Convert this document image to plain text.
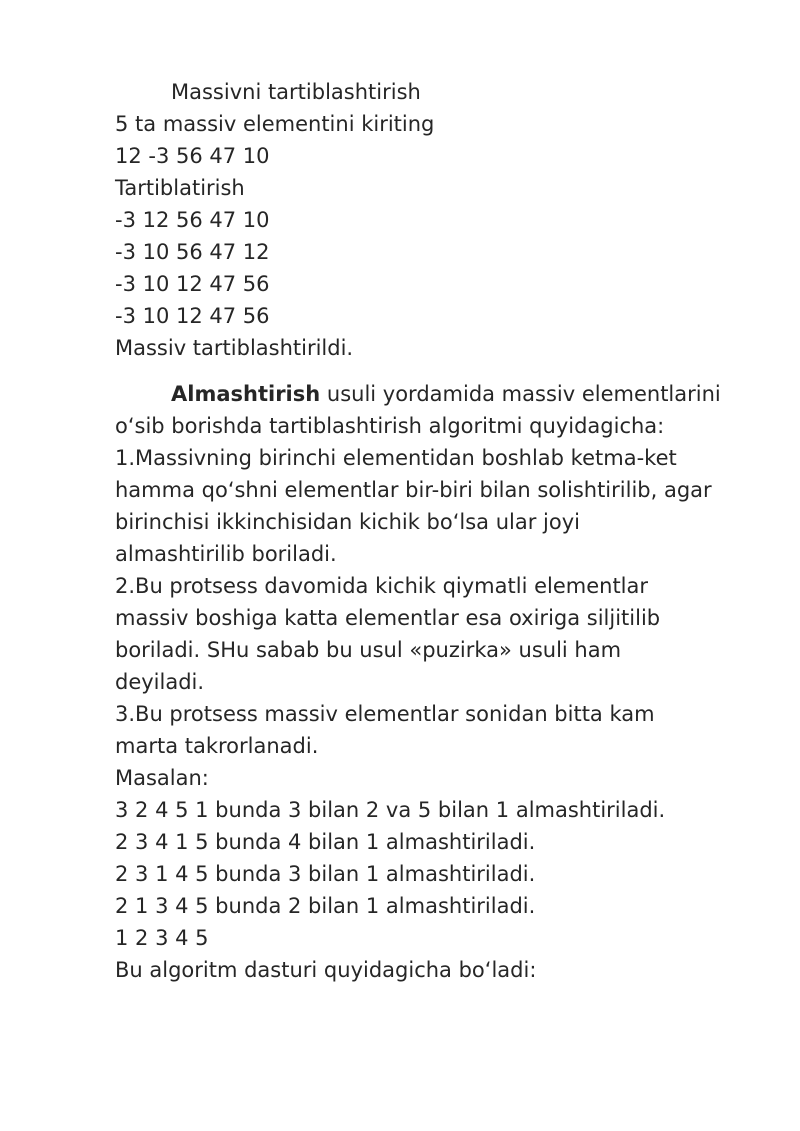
Massivni tartiblashtirish
5 ta massiv elementini kiriting
12 -3 56 47 10
Tartiblatirish
-3 12 56 47 10
-3 10 56 47 12
-3 10 12 47 56
-3 10 12 47 56
Massiv tartiblashtirildi.
Almashtirish usuli yordamida massiv elementlarini
o‘sib borishda tartiblashtirish algoritmi quyidagicha:
1.Massivning birinchi elementidan boshlab ketma-ket
hamma qo‘shni elementlar bir-biri bilan solishtirilib, agar
birinchisi ikkinchisidan kichik bo‘lsa ular joyi
almashtirilib boriladi.
2.Bu protsess davomida kichik qiymatli elementlar
massiv boshiga katta elementlar esa oxiriga siljitilib
boriladi. SHu sabab bu usul «puzirka» usuli ham
deyiladi.
3.Bu protsess massiv elementlar sonidan bitta kam
marta takrorlanadi.
Masalan:
3 2 4 5 1 bunda 3 bilan 2 va 5 bilan 1 almashtiriladi.
2 3 4 1 5 bunda 4 bilan 1 almashtiriladi.
2 3 1 4 5 bunda 3 bilan 1 almashtiriladi.
2 1 3 4 5 bunda 2 bilan 1 almashtiriladi.
1 2 3 4 5
Bu algoritm dasturi quyidagicha bo‘ladi:
